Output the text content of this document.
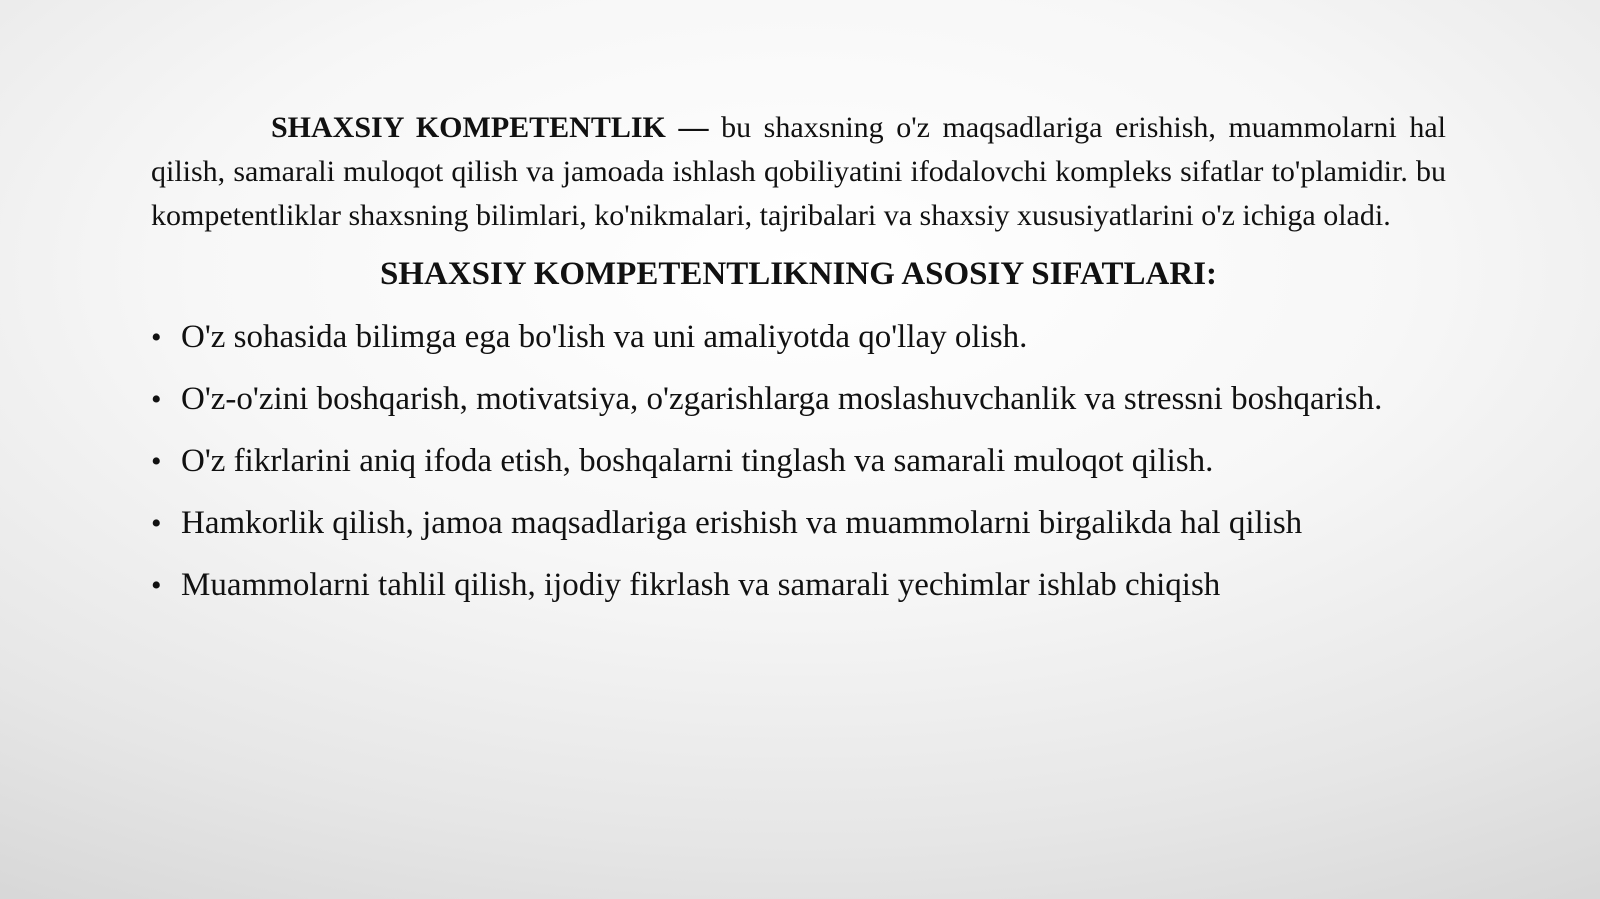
SHAXSIY KOMPETENTLIK — bu shaxsning o'z maqsadlariga erishish, muammolarni hal qilish, samarali muloqot qilish va jamoada ishlash qobiliyatini ifodalovchi kompleks sifatlar to'plamidir. bu kompetentliklar shaxsning bilimlari, ko'nikmalari, tajribalari va shaxsiy xususiyatlarini o'z ichiga oladi.

SHAXSIY KOMPETENTLIKNING ASOSIY SIFATLARI:
• O'z sohasida bilimga ega bo'lish va uni amaliyotda qo'llay olish.
• O'z-o'zini boshqarish, motivatsiya, o'zgarishlarga moslashuvchanlik va stressni boshqarish.
• O'z fikrlarini aniq ifoda etish, boshqalarni tinglash va samarali muloqot qilish.
• Hamkorlik qilish, jamoa maqsadlariga erishish va muammolarni birgalikda hal qilish
• Muammolarni tahlil qilish, ijodiy fikrlash va samarali yechimlar ishlab chiqish
